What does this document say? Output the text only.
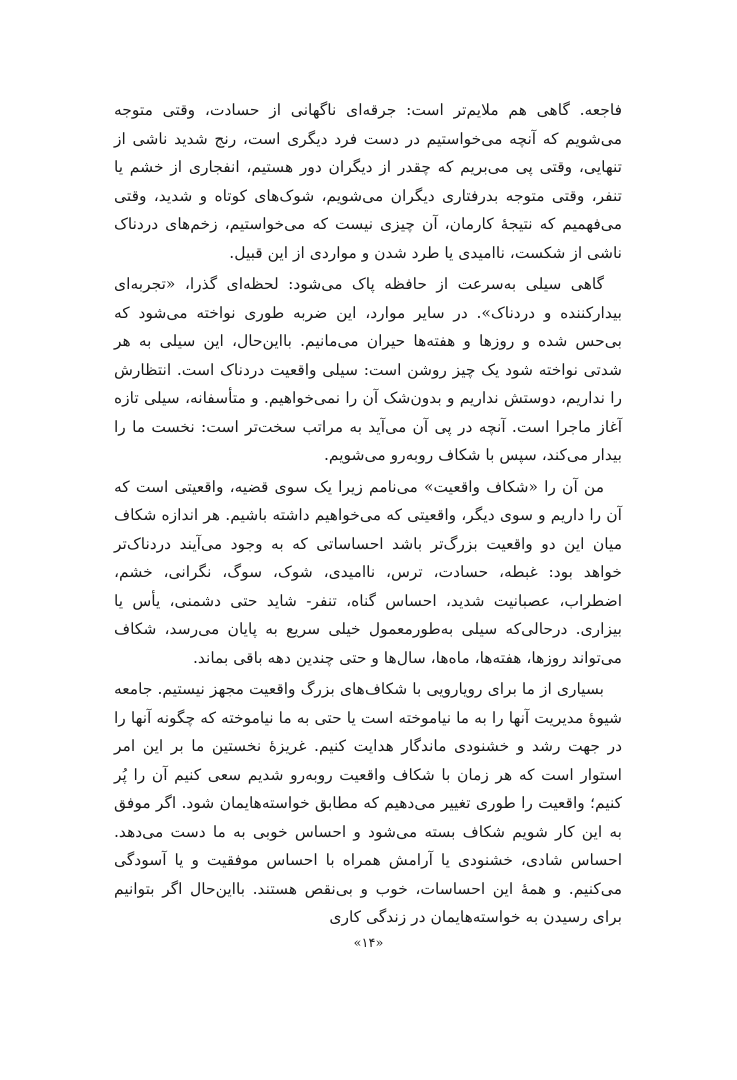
فاجعه. گاهی هم ملایم‌تر است: جرقه‌ای ناگهانی از حسادت، وقتی متوجه می‌شویم که آنچه می‌خواستیم در دست فرد دیگری است، رنج شدید ناشی از تنهایی، وقتی پی می‌بریم که چقدر از دیگران دور هستیم، انفجاری از خشم یا تنفر، وقتی متوجه بدرفتاری دیگران می‌شویم، شوک‌های کوتاه و شدید، وقتی می‌فهمیم که نتیجهٔ کارمان، آن چیزی نیست که می‌خواستیم، زخم‌های دردناک ناشی از شکست، ناامیدی یا طرد شدن و مواردی از این قبیل.

گاهی سیلی به‌سرعت از حافظه پاک می‌شود: لحظه‌ای گذرا، «تجربه‌ای بیدارکننده و دردناک». در سایر موارد، این ضربه طوری نواخته می‌شود که بی‌حس شده و روزها و هفته‌ها حیران می‌مانیم. بااین‌حال، این سیلی به هر شدتی نواخته شود یک چیز روشن است: سیلی واقعیت دردناک است. انتظارش را نداریم، دوستش نداریم و بدون‌شک آن را نمی‌خواهیم. و متأسفانه، سیلی تازه آغاز ماجرا است. آنچه در پی آن می‌آید به مراتب سخت‌تر است: نخست ما را بیدار می‌کند، سپس با شکاف روبه‌رو می‌شویم.

من آن را «شکاف واقعیت» می‌نامم زیرا یک سوی قضیه، واقعیتی است که آن را داریم و سوی دیگر، واقعیتی که می‌خواهیم داشته باشیم. هر اندازه شکاف میان این دو واقعیت بزرگ‌تر باشد احساساتی که به وجود می‌آیند دردناک‌تر خواهد بود: غبطه، حسادت، ترس، ناامیدی، شوک، سوگ، نگرانی، خشم، اضطراب، عصبانیت شدید، احساس گناه، تنفر- شاید حتی دشمنی، یأس یا بیزاری. درحالی‌که سیلی به‌طورمعمول خیلی سریع به پایان می‌رسد، شکاف می‌تواند روزها، هفته‌ها، ماه‌ها، سال‌ها و حتی چندین دهه باقی بماند.

بسیاری از ما برای رویارویی با شکاف‌های بزرگ واقعیت مجهز نیستیم. جامعه شیوهٔ مدیریت آنها را به ما نیاموخته است یا حتی به ما نیاموخته که چگونه آنها را در جهت رشد و خشنودی ماندگار هدایت کنیم. غریزهٔ نخستین ما بر این امر استوار است که هر زمان با شکاف واقعیت روبه‌رو شدیم سعی کنیم آن را پُر کنیم؛ واقعیت را طوری تغییر می‌دهیم که مطابق خواسته‌هایمان شود. اگر موفق به این کار شویم شکاف بسته می‌شود و احساس خوبی به ما دست می‌دهد. احساس شادی، خشنودی یا آرامش همراه با احساس موفقیت و یا آسودگی می‌کنیم. و همهٔ این احساسات، خوب و بی‌نقص هستند. بااین‌حال اگر بتوانیم برای رسیدن به خواسته‌هایمان در زندگی کاری

«۱۴»
